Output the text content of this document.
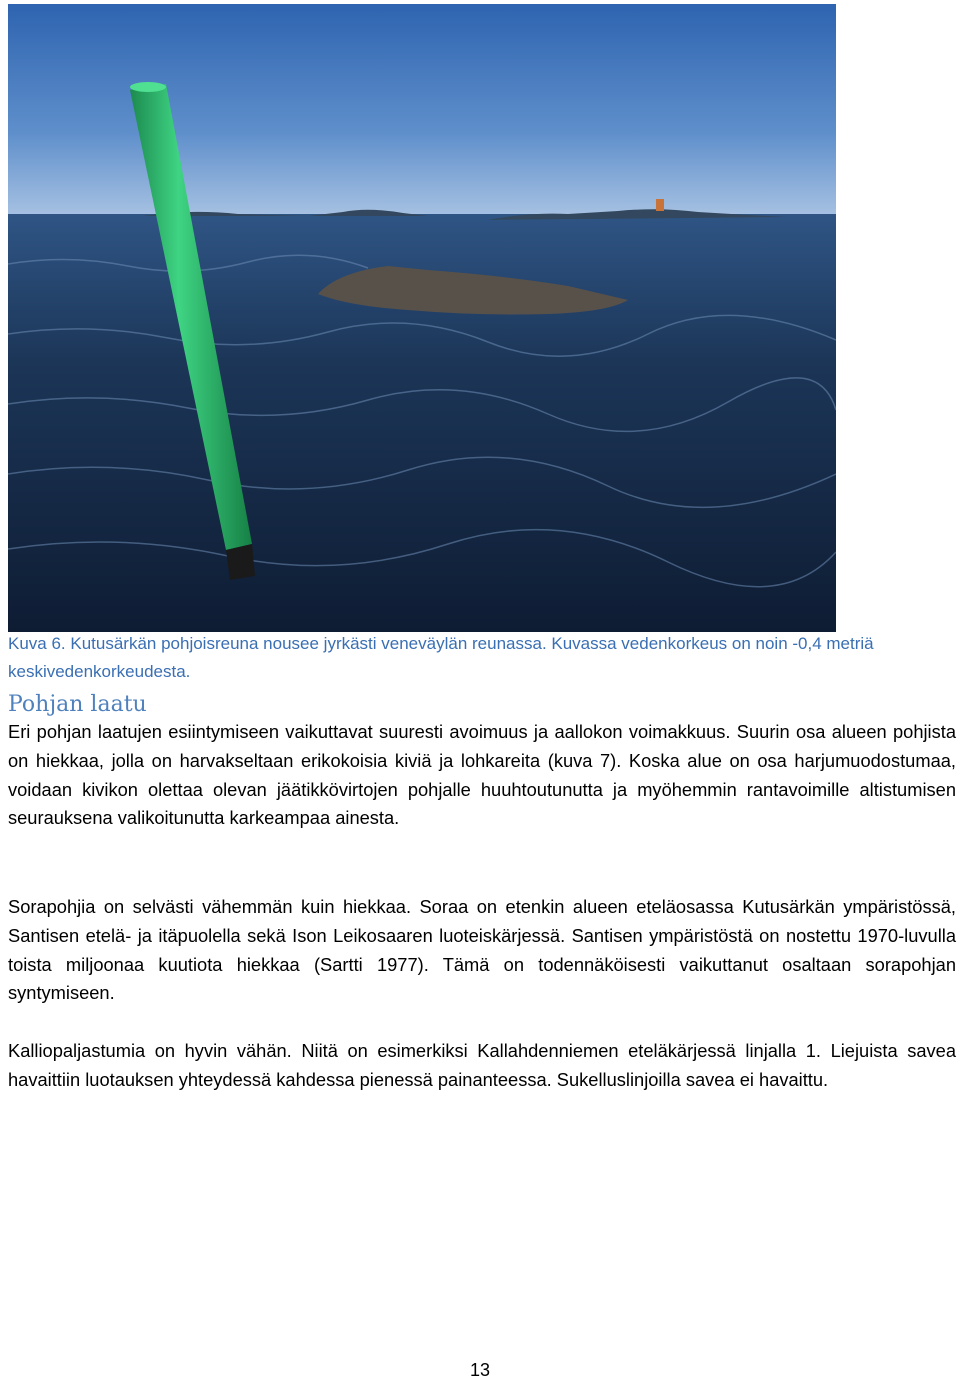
Kuva 6. Kutusärkän pohjoisreuna nousee jyrkästi veneväylän reunassa. Kuvassa vedenkorkeus on noin -0,4 metriä keskivedenkorkeudesta.
Pohjan laatu

Eri pohjan laatujen esiintymiseen vaikuttavat suuresti avoimuus ja aallokon voimakkuus. Suurin osa alueen pohjista on hiekkaa, jolla on harvakseltaan erikokoisia kiviä ja lohkareita (kuva 7). Koska alue on osa harjumuodostumaa, voidaan kivikon olettaa olevan jäätikkövirtojen pohjalle huuhtoutunutta ja myöhemmin rantavoimille altistumisen seurauksena valikoitunutta karkeampaa ainesta.

Sorapohjia on selvästi vähemmän kuin hiekkaa. Soraa on etenkin alueen eteläosassa Kutusärkän ympäristössä, Santisen etelä- ja itäpuolella sekä Ison Leikosaaren luoteiskärjessä. Santisen ympäristöstä on nostettu 1970-luvulla toista miljoonaa kuutiota hiekkaa (Sartti 1977). Tämä on todennäköisesti vaikuttanut osaltaan sorapohjan syntymiseen.

Kalliopaljastumia on hyvin vähän. Niitä on esimerkiksi Kallahdenniemen eteläkärjessä linjalla 1. Liejuista savea havaittiin luotauksen yhteydessä kahdessa pienessä painanteessa. Sukelluslinjoilla savea ei havaittu.

13
